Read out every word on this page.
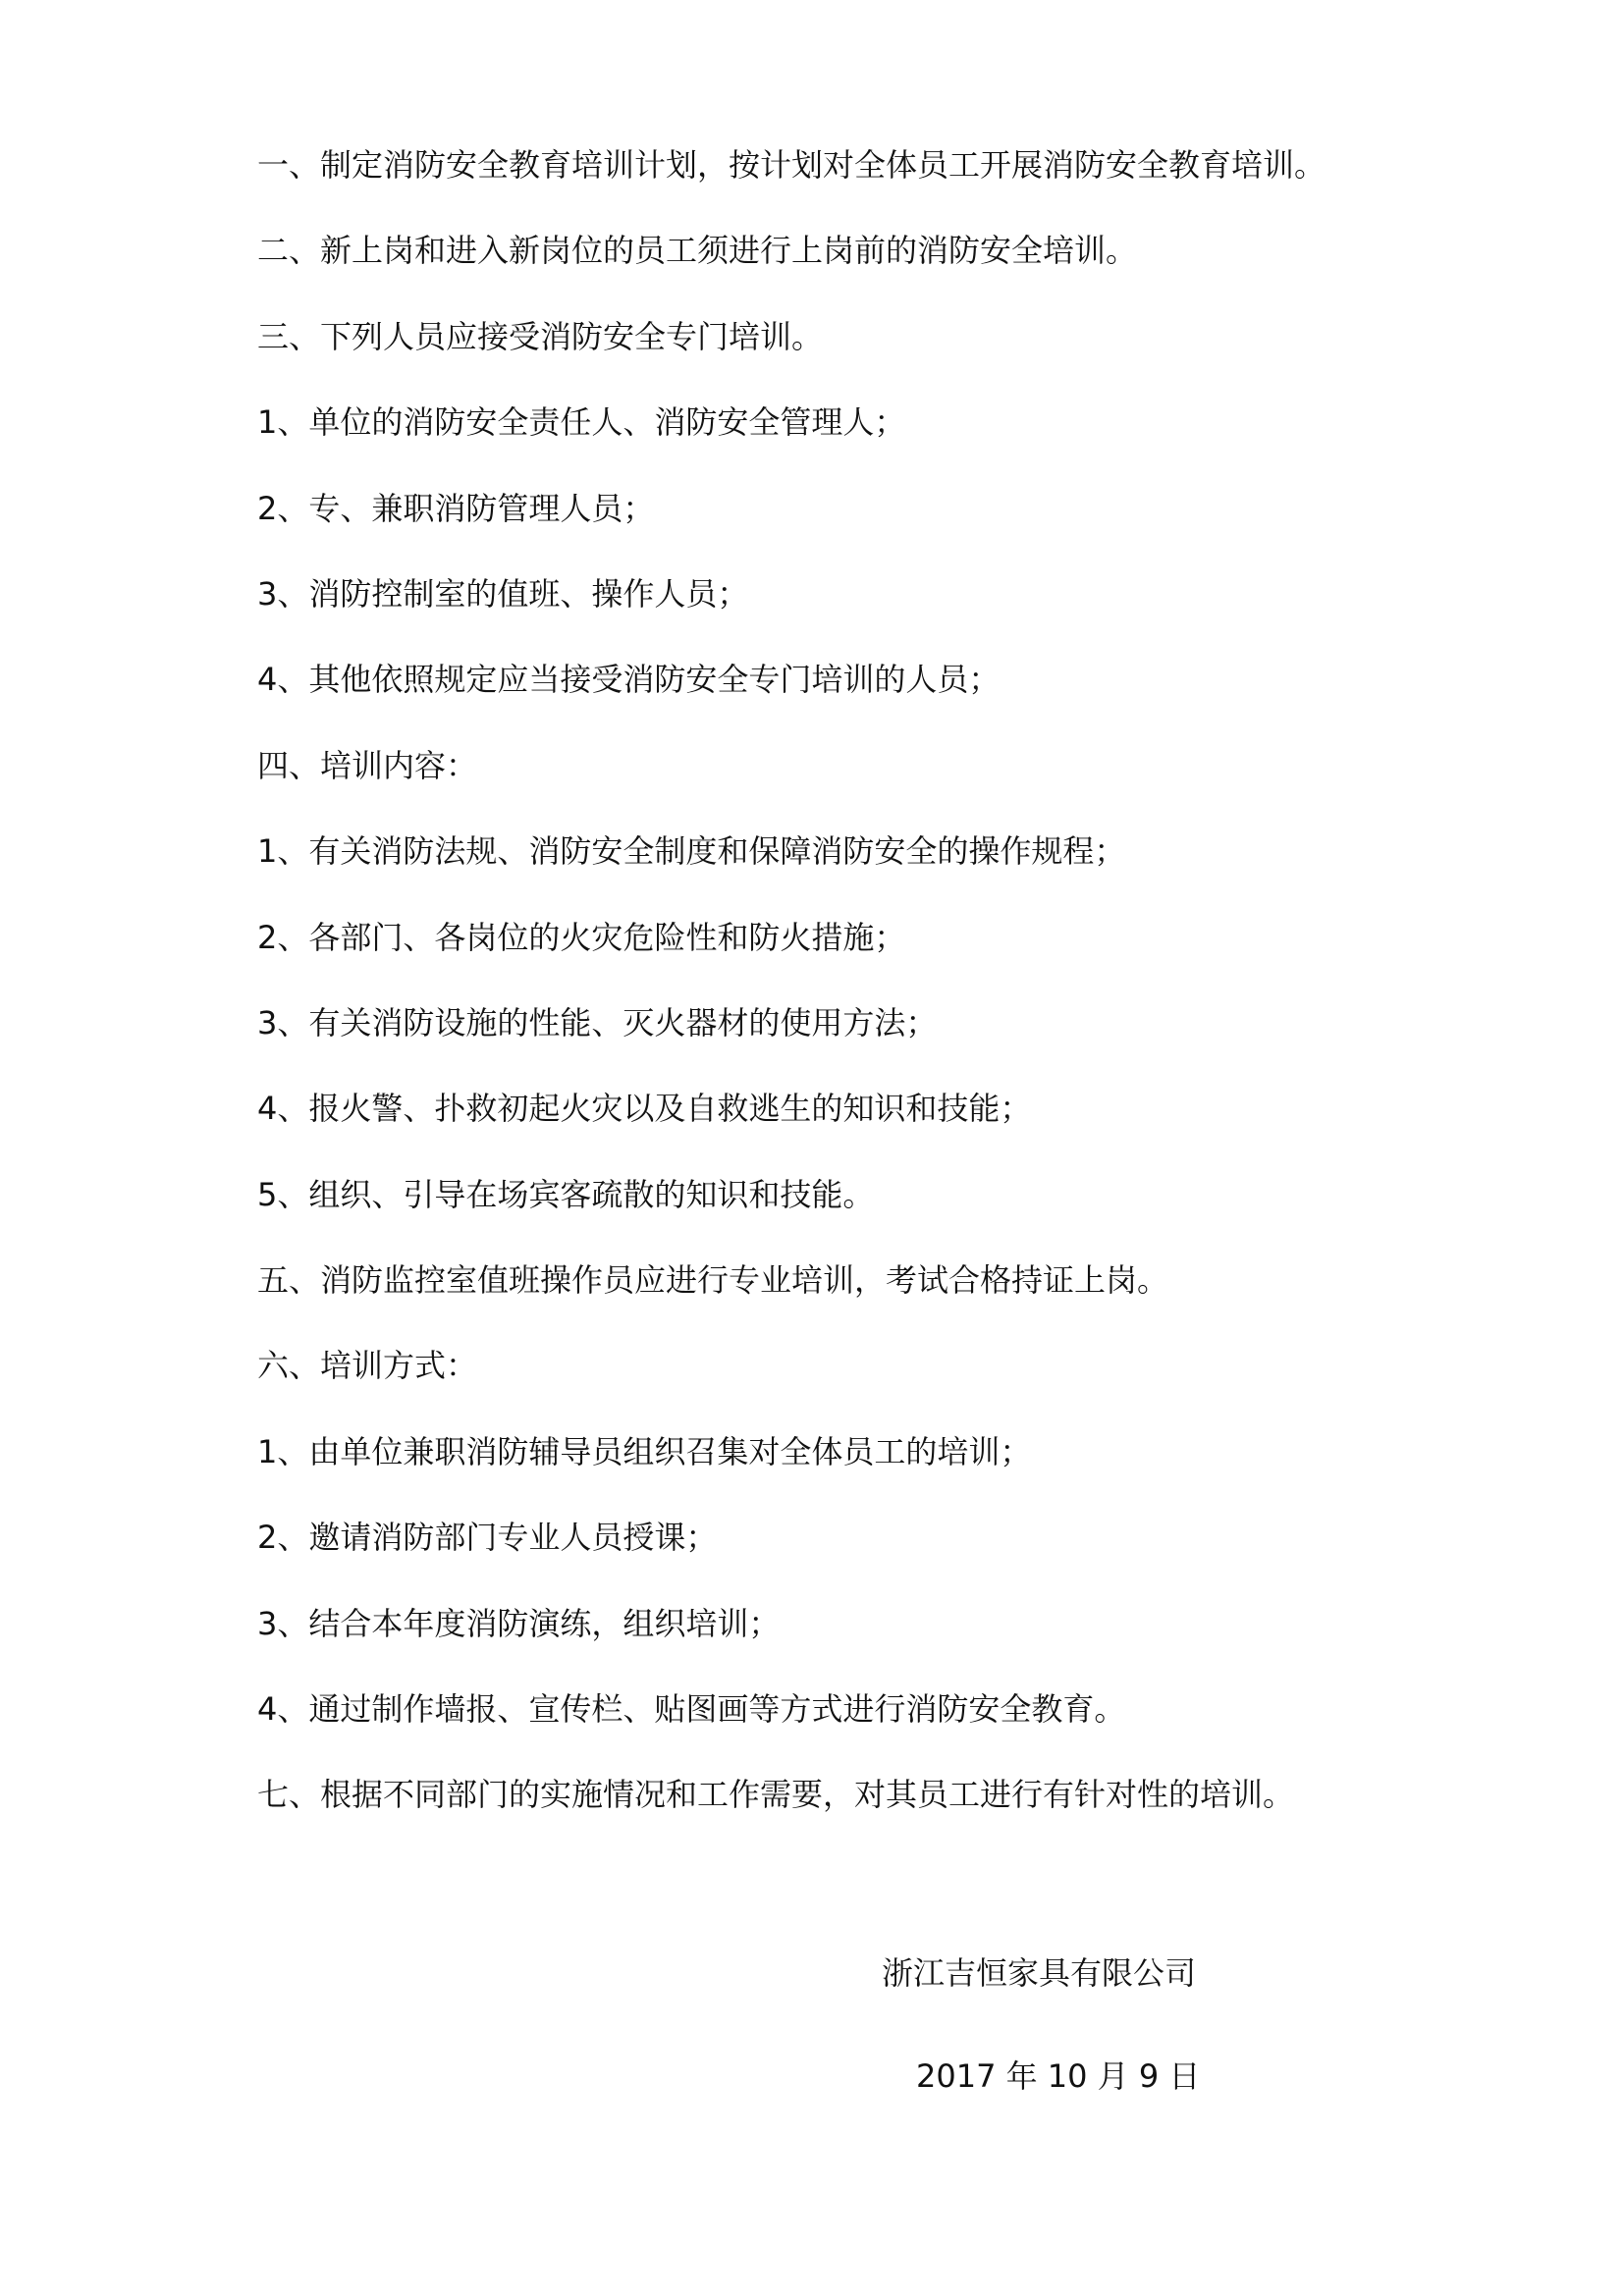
一、制定消防安全教育培训计划，按计划对全体员工开展消防安全教育培训。
二、新上岗和进入新岗位的员工须进行上岗前的消防安全培训。
三、下列人员应接受消防安全专门培训。
1、单位的消防安全责任人、消防安全管理人；
2、专、兼职消防管理人员；
3、消防控制室的值班、操作人员；
4、其他依照规定应当接受消防安全专门培训的人员；
四、培训内容：
1、有关消防法规、消防安全制度和保障消防安全的操作规程；
2、各部门、各岗位的火灾危险性和防火措施；
3、有关消防设施的性能、灭火器材的使用方法；
4、报火警、扑救初起火灾以及自救逃生的知识和技能；
5、组织、引导在场宾客疏散的知识和技能。
五、消防监控室值班操作员应进行专业培训，考试合格持证上岗。
六、培训方式：
1、由单位兼职消防辅导员组织召集对全体员工的培训；
2、邀请消防部门专业人员授课；
3、结合本年度消防演练，组织培训；
4、通过制作墙报、宣传栏、贴图画等方式进行消防安全教育。
七、根据不同部门的实施情况和工作需要，对其员工进行有针对性的培训。
浙江吉恒家具有限公司
2017 年 10 月 9 日
